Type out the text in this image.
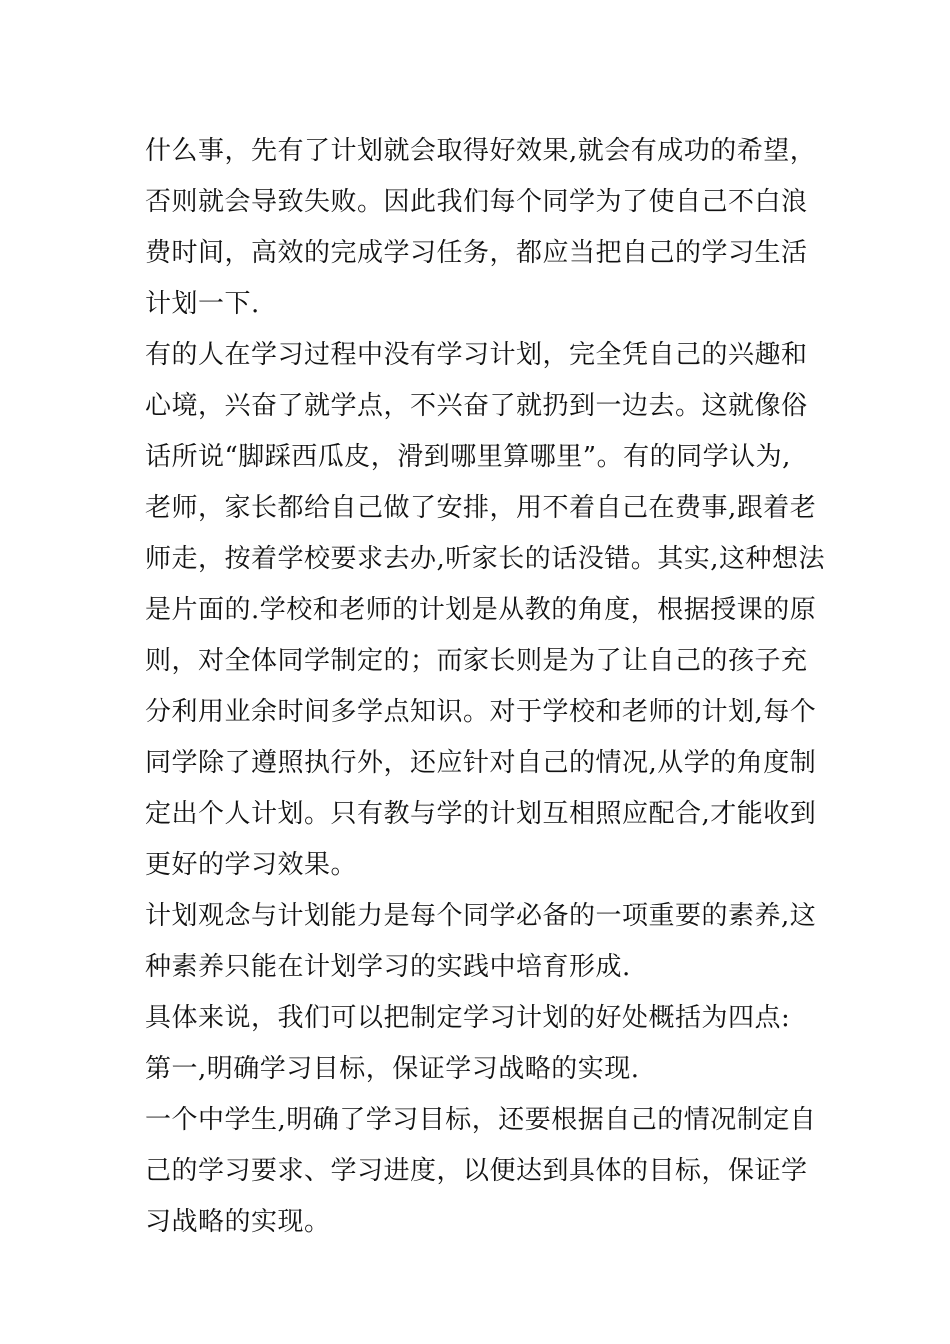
什么事，先有了计划就会取得好效果,就会有成功的希望，
否则就会导致失败。因此我们每个同学为了使自己不白浪
费时间，高效的完成学习任务，都应当把自己的学习生活
计划一下.

有的人在学习过程中没有学习计划，完全凭自己的兴趣和
心境，兴奋了就学点，不兴奋了就扔到一边去。这就像俗
话所说“脚踩西瓜皮，滑到哪里算哪里”。有的同学认为,
老师，家长都给自己做了安排，用不着自己在费事,跟着老
师走，按着学校要求去办,听家长的话没错。其实,这种想法
是片面的.学校和老师的计划是从教的角度，根据授课的原
则，对全体同学制定的；而家长则是为了让自己的孩子充
分利用业余时间多学点知识。对于学校和老师的计划,每个
同学除了遵照执行外，还应针对自己的情况,从学的角度制
定出个人计划。只有教与学的计划互相照应配合,才能收到
更好的学习效果。

计划观念与计划能力是每个同学必备的一项重要的素养,这
种素养只能在计划学习的实践中培育形成.

具体来说，我们可以把制定学习计划的好处概括为四点:

第一,明确学习目标，保证学习战略的实现.

一个中学生,明确了学习目标，还要根据自己的情况制定自
己的学习要求、学习进度，以便达到具体的目标，保证学
习战略的实现。
